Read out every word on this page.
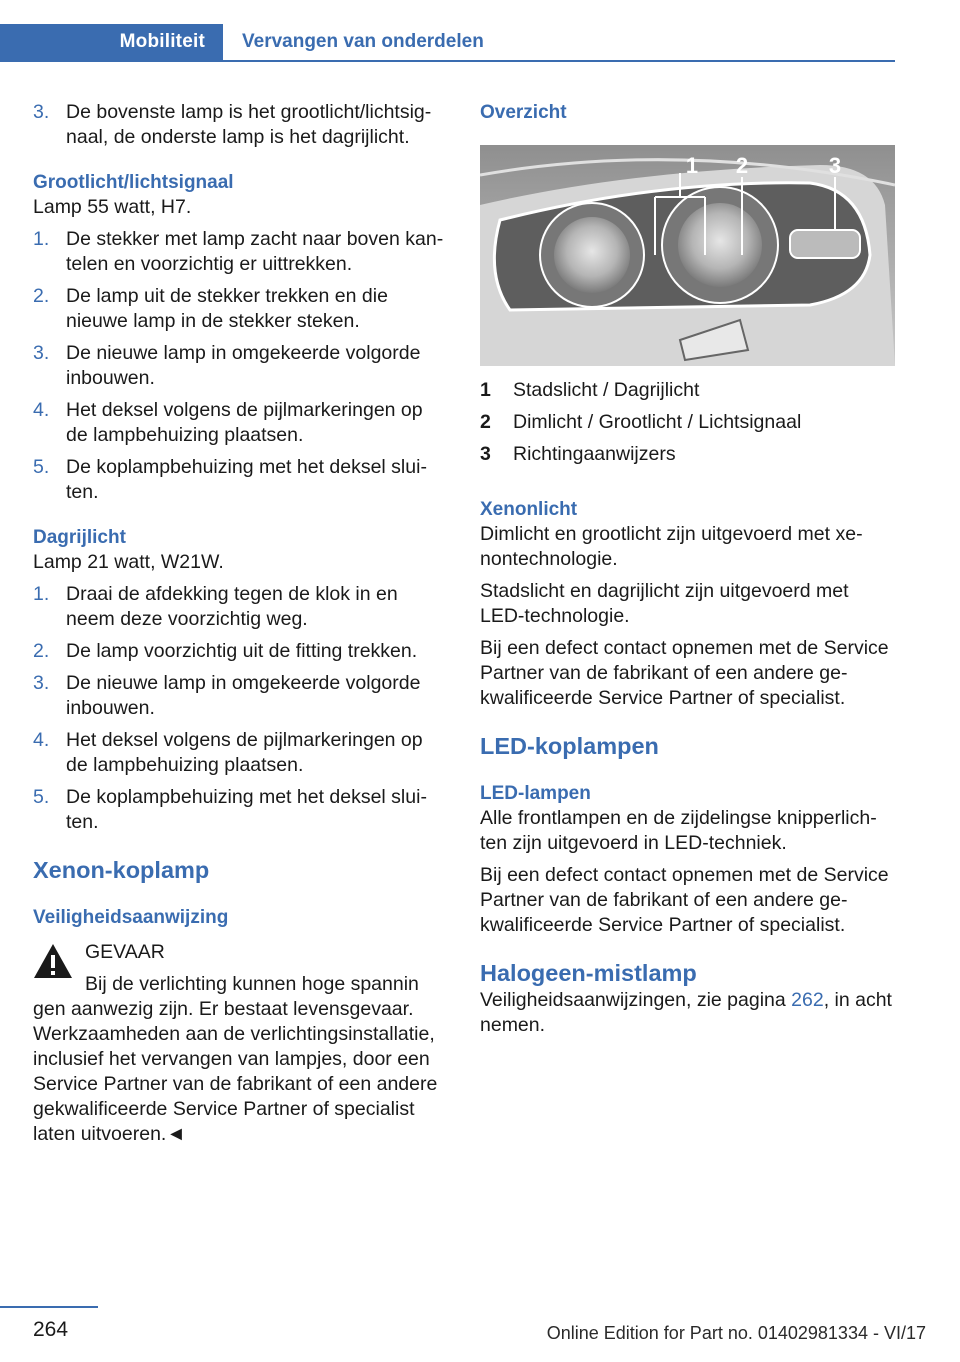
Mobiliteit	Vervangen van onderdelen
3. De bovenste lamp is het grootlicht/lichtsignaal, de onderste lamp is het dagrijlicht.
Grootlicht/lichtsignaal
Lamp 55 watt, H7.
1. De stekker met lamp zacht naar boven kantelen en voorzichtig er uittrekken.
2. De lamp uit de stekker trekken en die nieuwe lamp in de stekker steken.
3. De nieuwe lamp in omgekeerde volgorde inbouwen.
4. Het deksel volgens de pijlmarkeringen op de lampbehuizing plaatsen.
5. De koplampbehuizing met het deksel sluiten.
Dagrijlicht
Lamp 21 watt, W21W.
1. Draai de afdekking tegen de klok in en neem deze voorzichtig weg.
2. De lamp voorzichtig uit de fitting trekken.
3. De nieuwe lamp in omgekeerde volgorde inbouwen.
4. Het deksel volgens de pijlmarkeringen op de lampbehuizing plaatsen.
5. De koplampbehuizing met het deksel sluiten.
Xenon-koplamp
Veiligheidsaanwijzing
GEVAAR
Bij de verlichting kunnen hoge spannin
gen aanwezig zijn. Er bestaat levensgevaar. Werkzaamheden aan de verlichtingsinstallatie, inclusief het vervangen van lampjes, door een Service Partner van de fabrikant of een andere gekwalificeerde Service Partner of specialist laten uitvoeren.◄
Overzicht
1 2	3
1 Stadslicht / Dagrijlicht
2 Dimlicht / Grootlicht / Lichtsignaal
3 Richtingaanwijzers
Xenonlicht
Dimlicht en grootlicht zijn uitgevoerd met xenontechnologie.
Stadslicht en dagrijlicht zijn uitgevoerd met LED-technologie.
Bij een defect contact opnemen met de Service Partner van de fabrikant of een andere gekwalificeerde Service Partner of specialist.
LED-koplampen
LED-lampen
Alle frontlampen en de zijdelingse knipperlichten zijn uitgevoerd in LED-techniek.
Bij een defect contact opnemen met de Service Partner van de fabrikant of een andere gekwalificeerde Service Partner of specialist.
Halogeen-mistlamp
Veiligheidsaanwijzingen, zie pagina 262, in acht nemen.
264	Online Edition for Part no. 01402981334 - VI/17
